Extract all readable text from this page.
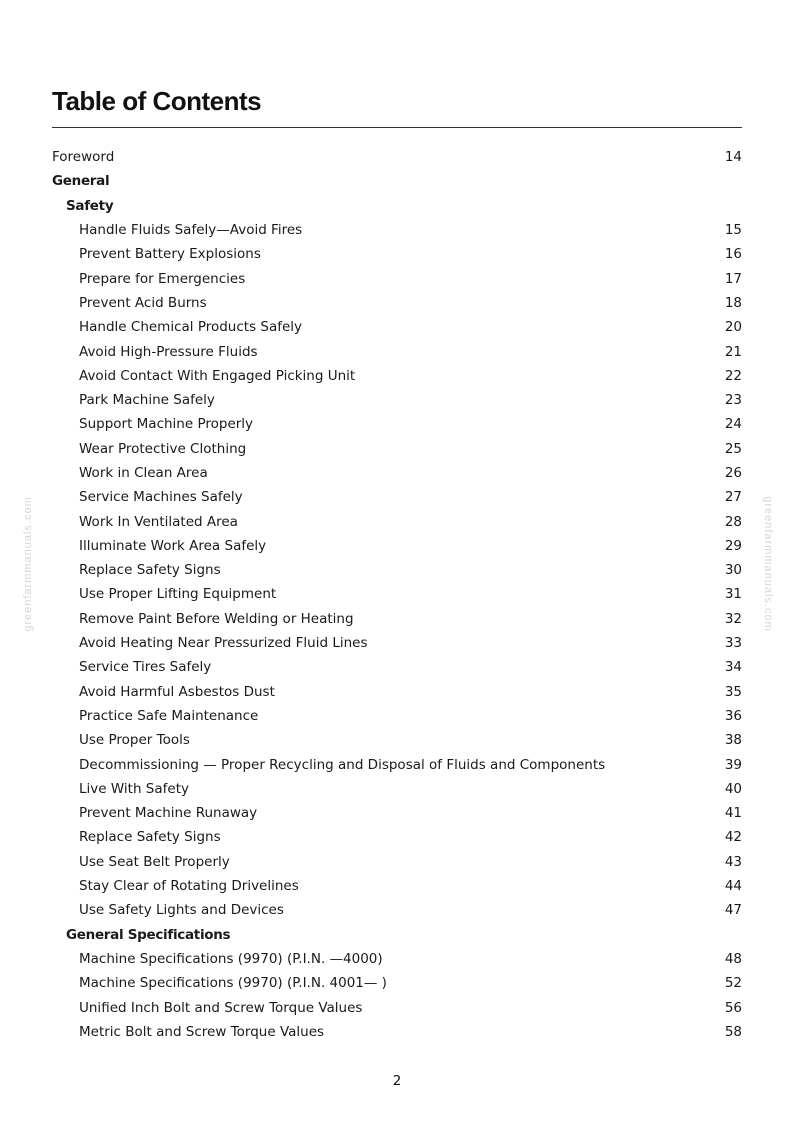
Table of Contents
Foreword	14
General
Safety
Handle Fluids Safely—Avoid Fires	15
Prevent Battery Explosions	16
Prepare for Emergencies	17
Prevent Acid Burns	18
Handle Chemical Products Safely	20
Avoid High-Pressure Fluids	21
Avoid Contact With Engaged Picking Unit	22
Park Machine Safely	23
Support Machine Properly	24
Wear Protective Clothing	25
Work in Clean Area	26
Service Machines Safely	27
Work In Ventilated Area	28
Illuminate Work Area Safely	29
Replace Safety Signs	30
Use Proper Lifting Equipment	31
Remove Paint Before Welding or Heating	32
Avoid Heating Near Pressurized Fluid Lines	33
Service Tires Safely	34
Avoid Harmful Asbestos Dust	35
Practice Safe Maintenance	36
Use Proper Tools	38
Decommissioning — Proper Recycling and Disposal of Fluids and Components	39
Live With Safety	40
Prevent Machine Runaway	41
Replace Safety Signs	42
Use Seat Belt Properly	43
Stay Clear of Rotating Drivelines	44
Use Safety Lights and Devices	47
General Specifications
Machine Specifications (9970) (P.I.N. —4000)	48
Machine Specifications (9970) (P.I.N. 4001— )	52
Unified Inch Bolt and Screw Torque Values	56
Metric Bolt and Screw Torque Values	58
greenfarmmanuals.com	greenfarmmanuals.com
2
